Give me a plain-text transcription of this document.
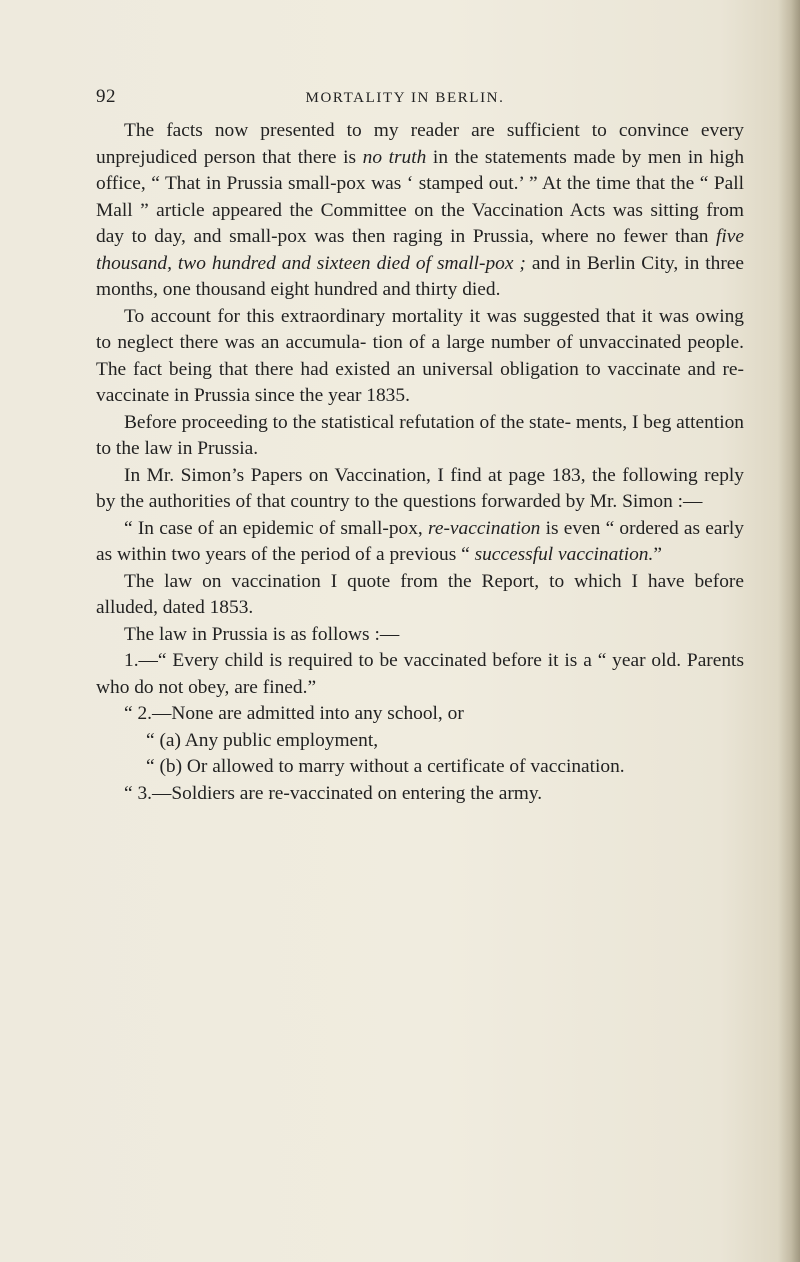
92	MORTALITY IN BERLIN.

The facts now presented to my reader are sufficient to convince every unprejudiced person that there is no truth in the statements made by men in high office, “ That in Prussia small-pox was ‘ stamped out.’ ” At the time that the “ Pall Mall ” article appeared the Committee on the Vaccination Acts was sitting from day to day, and small-pox was then raging in Prussia, where no fewer than five thousand, two hundred and sixteen died of small-pox ; and in Berlin City, in three months, one thousand eight hundred and thirty died.

To account for this extraordinary mortality it was suggested that it was owing to neglect there was an accumula- tion of a large number of unvaccinated people. The fact being that there had existed an universal obligation to vaccinate and re-vaccinate in Prussia since the year 1835.

Before proceeding to the statistical refutation of the state- ments, I beg attention to the law in Prussia.

In Mr. Simon’s Papers on Vaccination, I find at page 183, the following reply by the authorities of that country to the questions forwarded by Mr. Simon :—

“ In case of an epidemic of small-pox, re-vaccination is even “ ordered as early as within two years of the period of a previous “ successful vaccination.”

The law on vaccination I quote from the Report, to which I have before alluded, dated 1853.

The law in Prussia is as follows :—

1.—“ Every child is required to be vaccinated before it is a “ year old. Parents who do not obey, are fined.”

“ 2.—None are admitted into any school, or

“ (a) Any public employment,

“ (b) Or allowed to marry without a certificate of vaccination.

“ 3.—Soldiers are re-vaccinated on entering the army.
